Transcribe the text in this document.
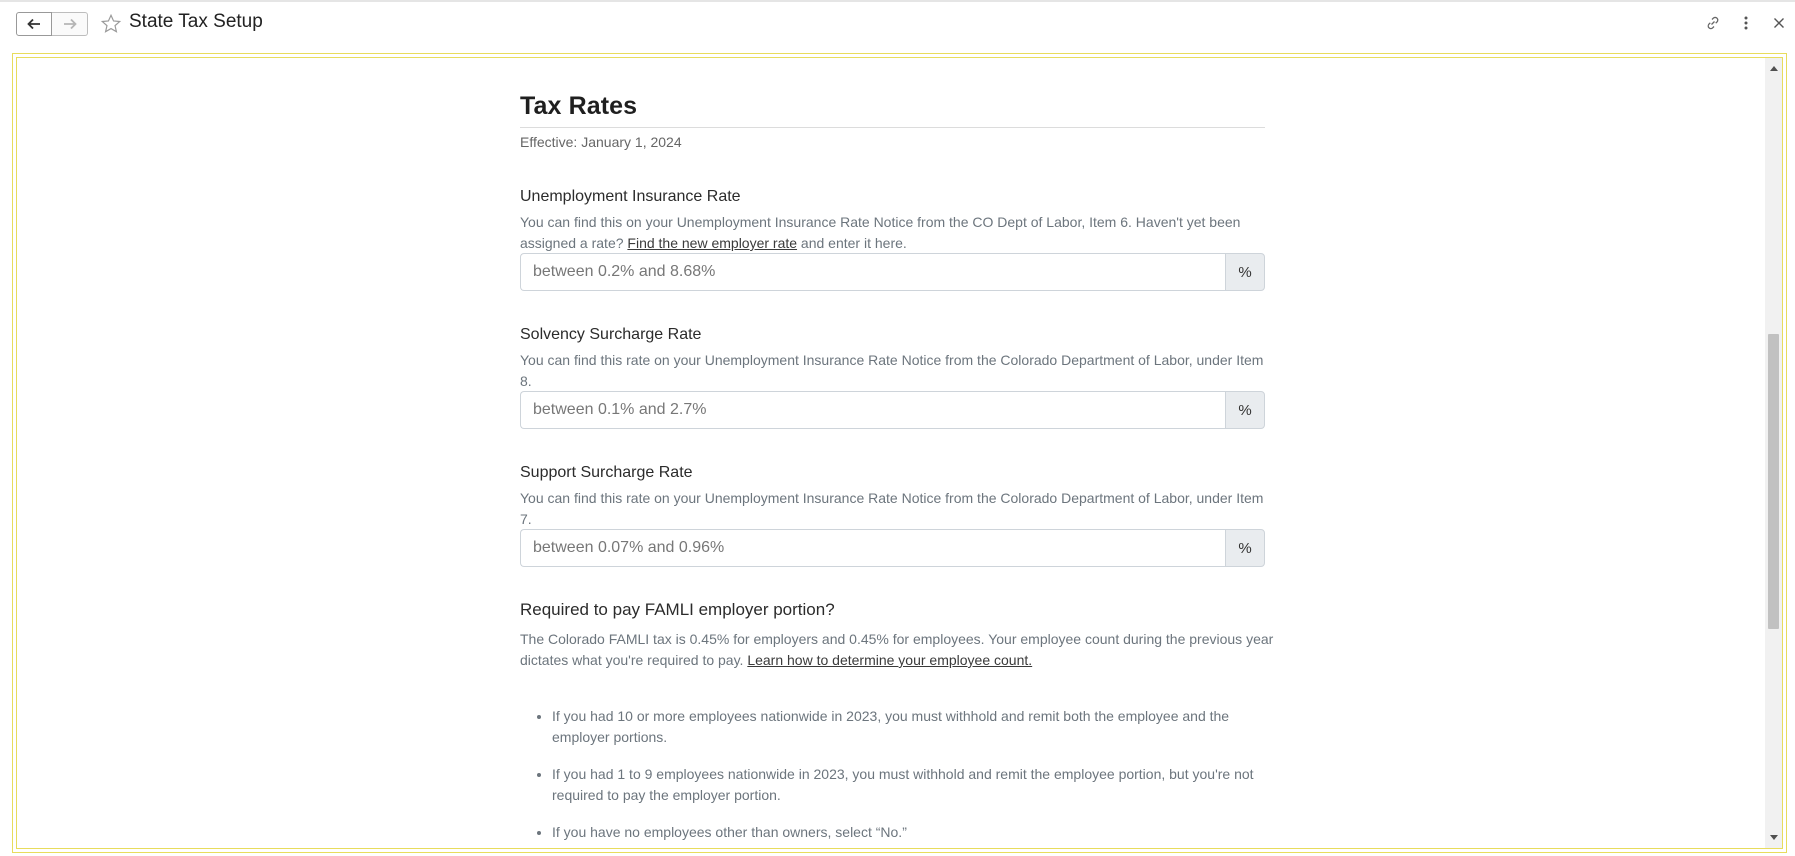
State Tax Setup
Tax Rates
Effective: January 1, 2024
Unemployment Insurance Rate
You can find this on your Unemployment Insurance Rate Notice from the CO Dept of Labor, Item 6. Haven't yet been assigned a rate? Find the new employer rate and enter it here.
between 0.2% and 8.68%
%
Solvency Surcharge Rate
You can find this rate on your Unemployment Insurance Rate Notice from the Colorado Department of Labor, under Item 8.
between 0.1% and 2.7%
%
Support Surcharge Rate
You can find this rate on your Unemployment Insurance Rate Notice from the Colorado Department of Labor, under Item 7.
between 0.07% and 0.96%
%
Required to pay FAMLI employer portion?
The Colorado FAMLI tax is 0.45% for employers and 0.45% for employees. Your employee count during the previous year dictates what you're required to pay. Learn how to determine your employee count.
• If you had 10 or more employees nationwide in 2023, you must withhold and remit both the employee and the employer portions.
• If you had 1 to 9 employees nationwide in 2023, you must withhold and remit the employee portion, but you're not required to pay the employer portion.
• If you have no employees other than owners, select “No.”
